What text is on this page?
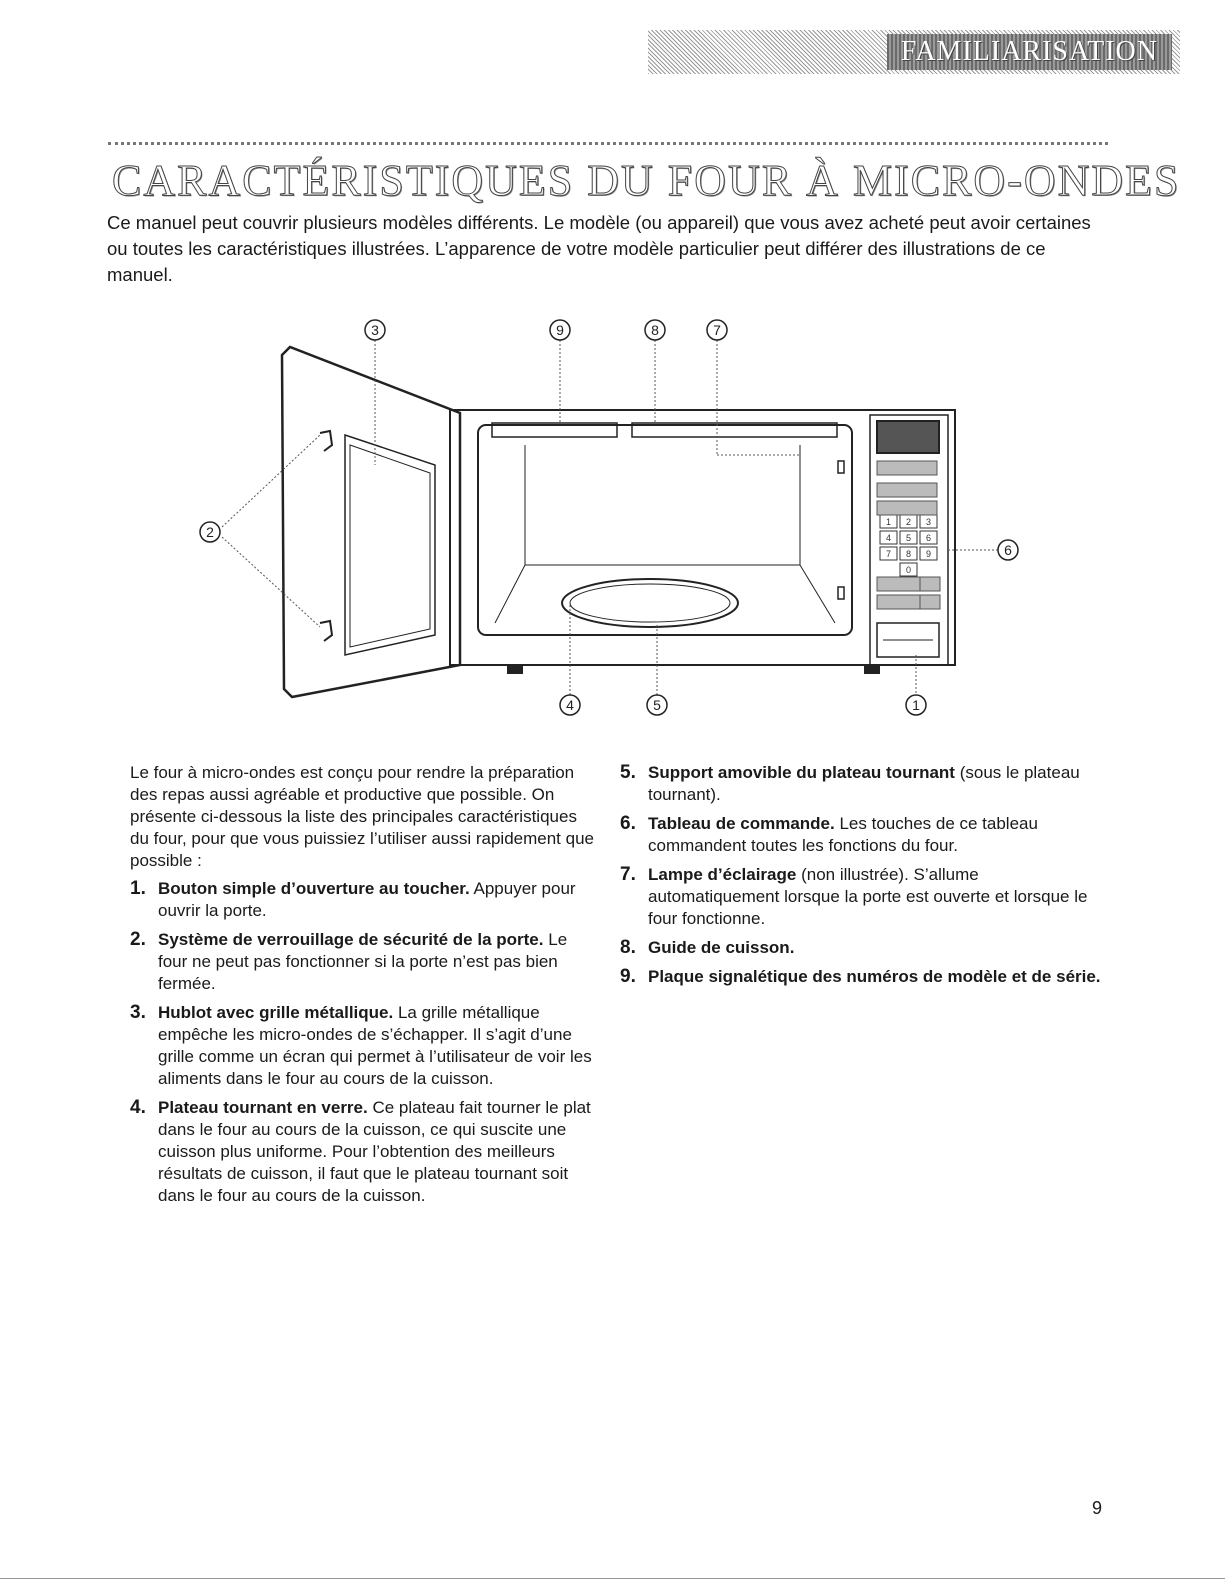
FAMILIARISATION
CARACTÉRISTIQUES DU FOUR À MICRO-ONDES

Ce manuel peut couvrir plusieurs modèles différents. Le modèle (ou appareil) que vous avez acheté peut avoir certaines ou toutes les caractéristiques illustrées. L’apparence de votre modèle particulier peut différer des illustrations de ce manuel.

1 2 3
4 5 6
7 8 9
0
1
2
3
4	5
6
7
8
9

Le four à micro-ondes est conçu pour rendre la préparation des repas aussi agréable et productive que possible. On présente ci-dessous la liste des principales caractéristiques du four, pour que vous puissiez l’utiliser aussi rapidement que possible :

1. Bouton simple d’ouverture au toucher. Appuyer pour ouvrir la porte.
2. Système de verrouillage de sécurité de la porte. Le four ne peut pas fonctionner si la porte n’est pas bien fermée.
3. Hublot avec grille métallique. La grille métallique empêche les micro-ondes de s’échapper. Il s’agit d’une grille comme un écran qui permet à l’utilisateur de voir les aliments dans le four au cours de la cuisson.
4. Plateau tournant en verre. Ce plateau fait tourner le plat dans le four au cours de la cuisson, ce qui suscite une cuisson plus uniforme. Pour l’obtention des meilleurs résultats de cuisson, il faut que le plateau tournant soit dans le four au cours de la cuisson.
5. Support amovible du plateau tournant (sous le plateau tournant).
6. Tableau de commande. Les touches de ce tableau commandent toutes les fonctions du four.
7. Lampe d’éclairage (non illustrée). S’allume automatiquement lorsque la porte est ouverte et lorsque le four fonctionne.
8. Guide de cuisson.
9. Plaque signalétique des numéros de modèle et de série.
9
